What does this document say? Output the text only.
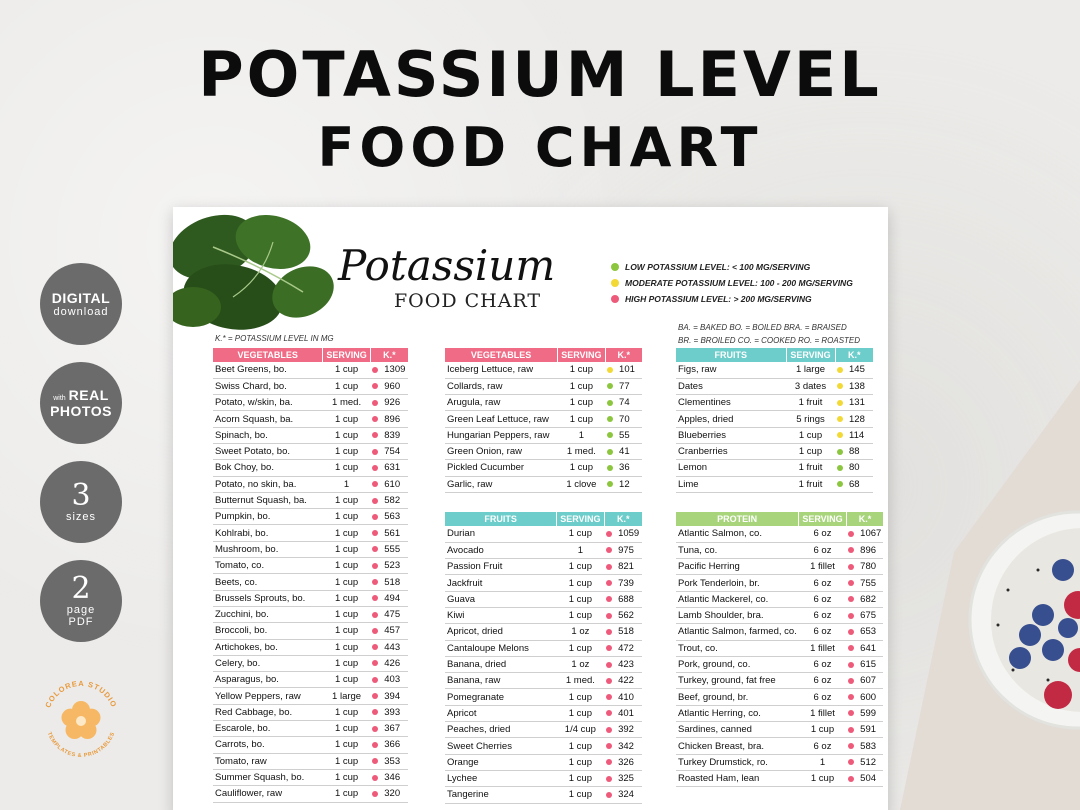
POTASSIUM LEVEL
FOOD CHART
DIGITAL
download
with REAL
PHOTOS
3
sizes
2
page
PDF
COLOREA STUDIO
TEMPLATES & PRINTABLES
Potassium
FOOD CHART
LOW POTASSIUM LEVEL: < 100 MG/SERVING
MODERATE POTASSIUM LEVEL: 100 - 200 MG/SERVING
HIGH POTASSIUM LEVEL: > 200 MG/SERVING
K.* = POTASSIUM LEVEL IN MG
BA. = BAKED BO. = BOILED BRA. = BRAISED
BR. = BROILED CO. = COOKED RO. = ROASTED
VEGETABLES	SERVING	K.*
Beet Greens, bo.	1 cup	1309
Swiss Chard, bo.	1 cup	960
Potato, w/skin, ba.	1 med.	926
Acorn Squash, ba.	1 cup	896
Spinach, bo.	1 cup	839
Sweet Potato, bo.	1 cup	754
Bok Choy, bo.	1 cup	631
Potato, no skin, ba.	1	610
Butternut Squash, ba.	1 cup	582
Pumpkin, bo.	1 cup	563
Kohlrabi, bo.	1 cup	561
Mushroom, bo.	1 cup	555
Tomato, co.	1 cup	523
Beets, co.	1 cup	518
Brussels Sprouts, bo.	1 cup	494
Zucchini, bo.	1 cup	475
Broccoli, bo.	1 cup	457
Artichokes, bo.	1 cup	443
Celery, bo.	1 cup	426
Asparagus, bo.	1 cup	403
Yellow Peppers, raw	1 large	394
Red Cabbage, bo.	1 cup	393
Escarole, bo.	1 cup	367
Carrots, bo.	1 cup	366
Tomato, raw	1 cup	353
Summer Squash, bo.	1 cup	346
Cauliflower, raw	1 cup	320
VEGETABLES	SERVING	K.*
Iceberg Lettuce, raw	1 cup	101
Collards, raw	1 cup	77
Arugula, raw	1 cup	74
Green Leaf Lettuce, raw	1 cup	70
Hungarian Peppers, raw	1	55
Green Onion, raw	1 med.	41
Pickled Cucumber	1 cup	36
Garlic, raw	1 clove	12
FRUITS	SERVING	K.*
Durian	1 cup	1059
Avocado	1	975
Passion Fruit	1 cup	821
Jackfruit	1 cup	739
Guava	1 cup	688
Kiwi	1 cup	562
Apricot, dried	1 oz	518
Cantaloupe Melons	1 cup	472
Banana, dried	1 oz	423
Banana, raw	1 med.	422
Pomegranate	1 cup	410
Apricot	1 cup	401
Peaches, dried	1/4 cup	392
Sweet Cherries	1 cup	342
Orange	1 cup	326
Lychee	1 cup	325
Tangerine	1 cup	324
FRUITS	SERVING	K.*
Figs, raw	1 large	145
Dates	3 dates	138
Clementines	1 fruit	131
Apples, dried	5 rings	128
Blueberries	1 cup	114
Cranberries	1 cup	88
Lemon	1 fruit	80
Lime	1 fruit	68
PROTEIN	SERVING	K.*
Atlantic Salmon, co.	6 oz	1067
Tuna, co.	6 oz	896
Pacific Herring	1 fillet	780
Pork Tenderloin, br.	6 oz	755
Atlantic Mackerel, co.	6 oz	682
Lamb Shoulder, bra.	6 oz	675
Atlantic Salmon, farmed, co.	6 oz	653
Trout, co.	1 fillet	641
Pork, ground, co.	6 oz	615
Turkey, ground, fat free	6 oz	607
Beef, ground, br.	6 oz	600
Atlantic Herring, co.	1 fillet	599
Sardines, canned	1 cup	591
Chicken Breast, bra.	6 oz	583
Turkey Drumstick, ro.	1	512
Roasted Ham, lean	1 cup	504
